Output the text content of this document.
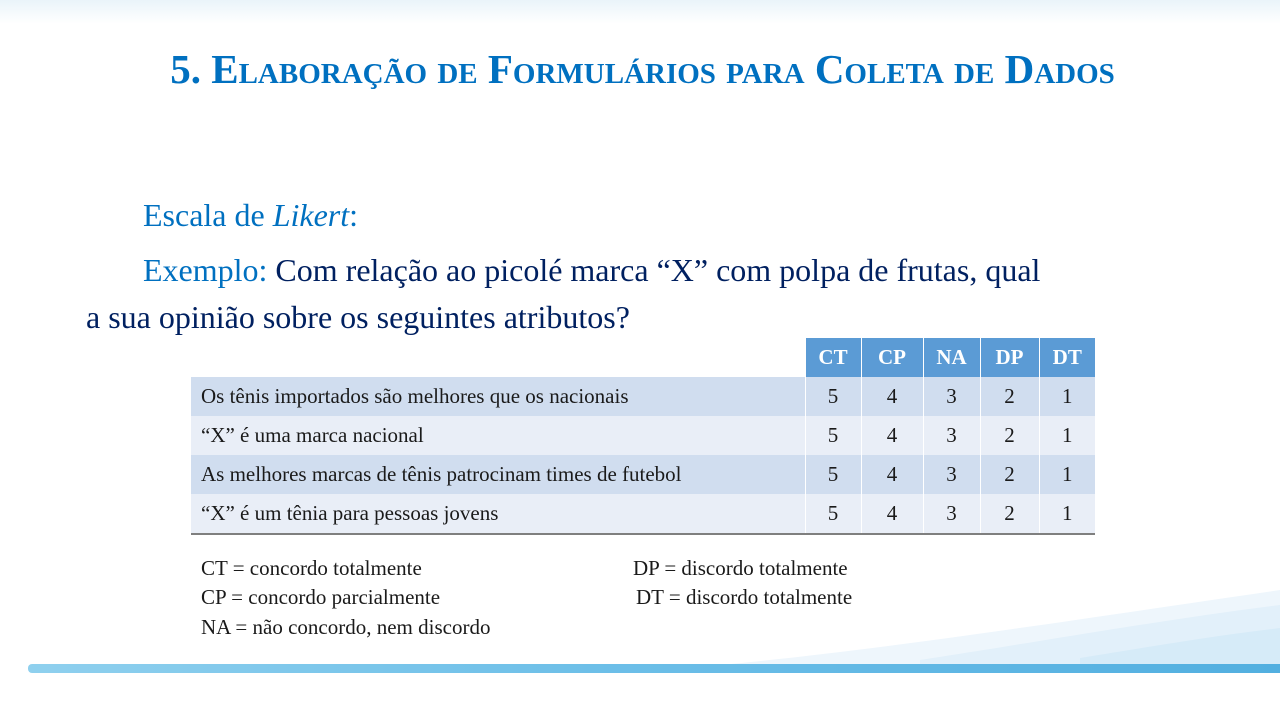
5. Elaboração de Formulários para Coleta de Dados
Escala de Likert:
Exemplo: Com relação ao picolé marca “X” com polpa de frutas, qual
a sua opinião sobre os seguintes atributos?
	CT	CP	NA	DP	DT
Os tênis importados são melhores que os nacionais	5	4	3	2	1
“X” é uma marca nacional	5	4	3	2	1
As melhores marcas de tênis patrocinam times de futebol	5	4	3	2	1
“X” é um tênia para pessoas jovens	5	4	3	2	1
CT = concordo totalmente
CP = concordo parcialmente
NA = não concordo, nem discordo
DP = discordo totalmente
DT = discordo totalmente
